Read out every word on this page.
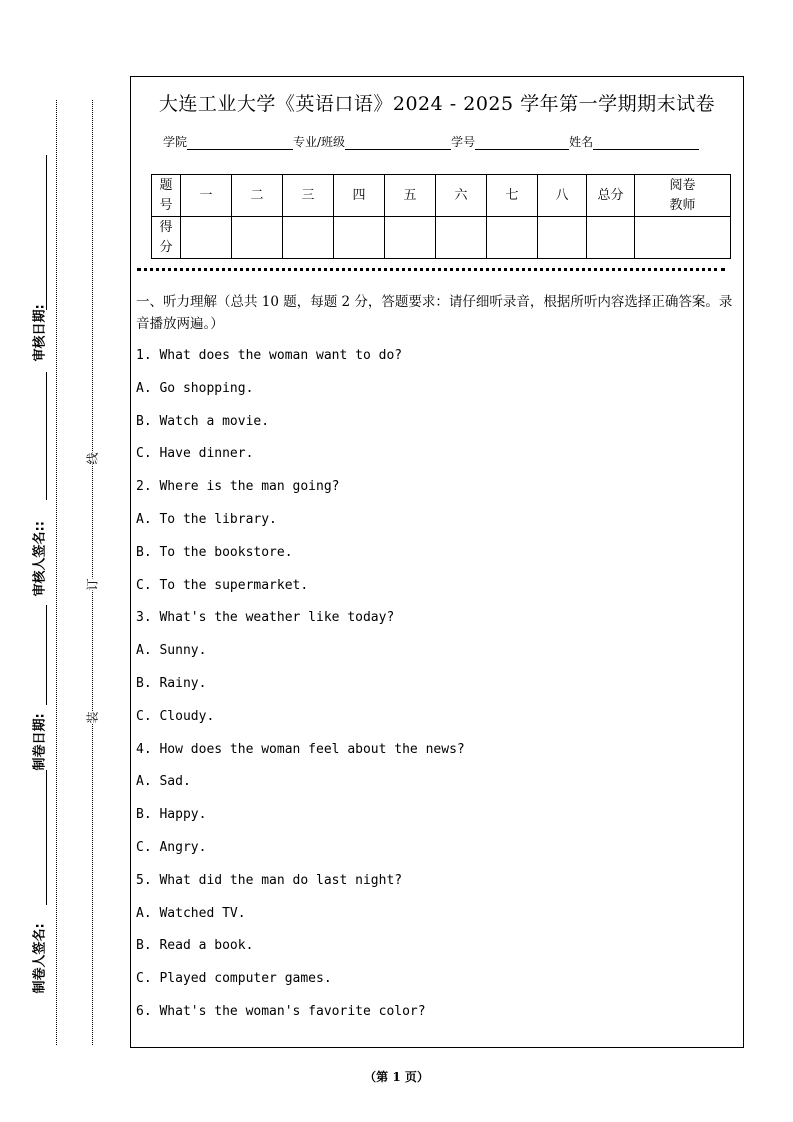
审核日期:
审核人签名::
制卷日期:
制卷人签名:
线
订
装
大连工业大学《英语口语》2024 - 2025 学年第一学期期末试卷
学院	专业/班级	学号	姓名
题
号	一	二	三	四	五	六	七	八	总分	阅卷
教师
得
分										
一、听力理解（总共 10 题，每题 2 分，答题要求：请仔细听录音，根据所听内容选择正确答案。录音播放两遍。）
1. What does the woman want to do?
A. Go shopping.
B. Watch a movie.
C. Have dinner.
2. Where is the man going?
A. To the library.
B. To the bookstore.
C. To the supermarket.
3. What's the weather like today?
A. Sunny.
B. Rainy.
C. Cloudy.
4. How does the woman feel about the news?
A. Sad.
B. Happy.
C. Angry.
5. What did the man do last night?
A. Watched TV.
B. Read a book.
C. Played computer games.
6. What's the woman's favorite color?
（第 1 页）
